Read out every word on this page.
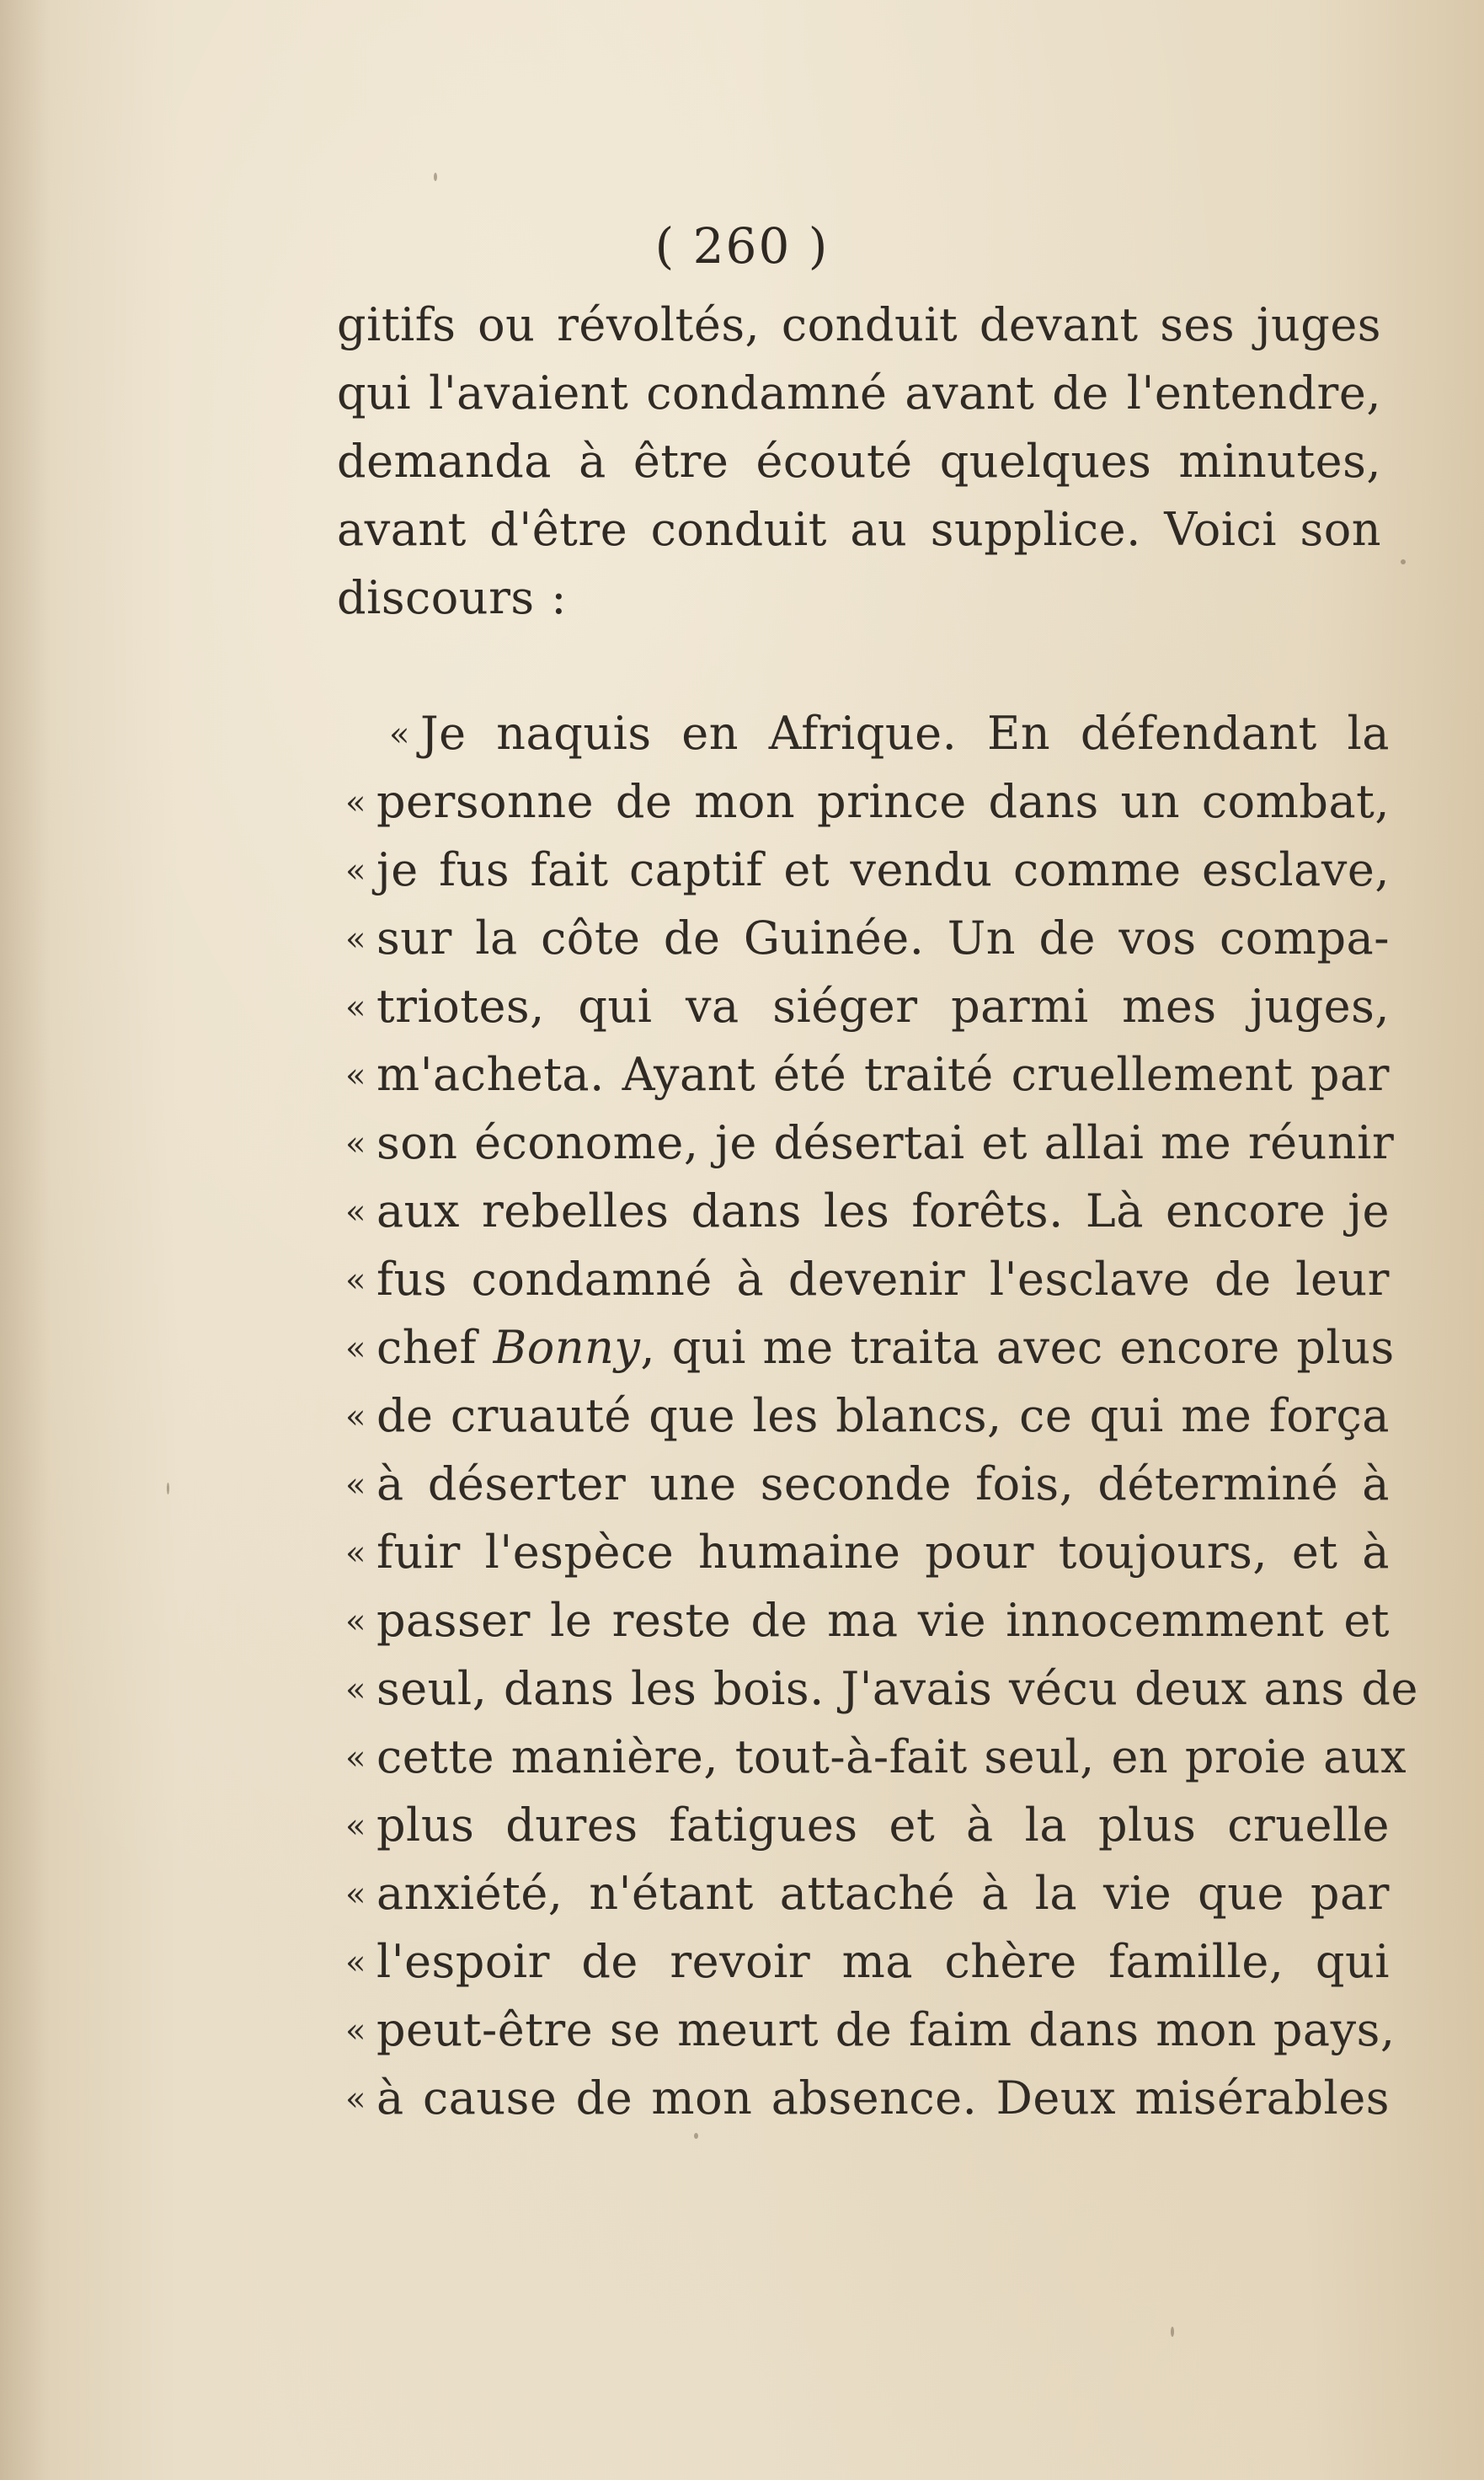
( 260 )
gitifs ou révoltés, conduit devant ses juges
qui l'avaient condamné avant de l'entendre,
demanda à être écouté quelques minutes,
avant d'être conduit au supplice. Voici son
discours :
« Je naquis en Afrique. En défendant la
« personne de mon prince dans un combat,
« je fus fait captif et vendu comme esclave,
« sur la côte de Guinée. Un de vos compa-
« triotes, qui va siéger parmi mes juges,
« m'acheta. Ayant été traité cruellement par
« son économe, je désertai et allai me réunir
« aux rebelles dans les forêts. Là encore je
« fus condamné à devenir l'esclave de leur
« chef Bonny, qui me traita avec encore plus
« de cruauté que les blancs, ce qui me força
« à déserter une seconde fois, déterminé à
« fuir l'espèce humaine pour toujours, et à
« passer le reste de ma vie innocemment et
« seul, dans les bois. J'avais vécu deux ans de
« cette manière, tout-à-fait seul, en proie aux
« plus dures fatigues et à la plus cruelle
« anxiété, n'étant attaché à la vie que par
« l'espoir de revoir ma chère famille, qui
« peut-être se meurt de faim dans mon pays,
« à cause de mon absence. Deux misérables
